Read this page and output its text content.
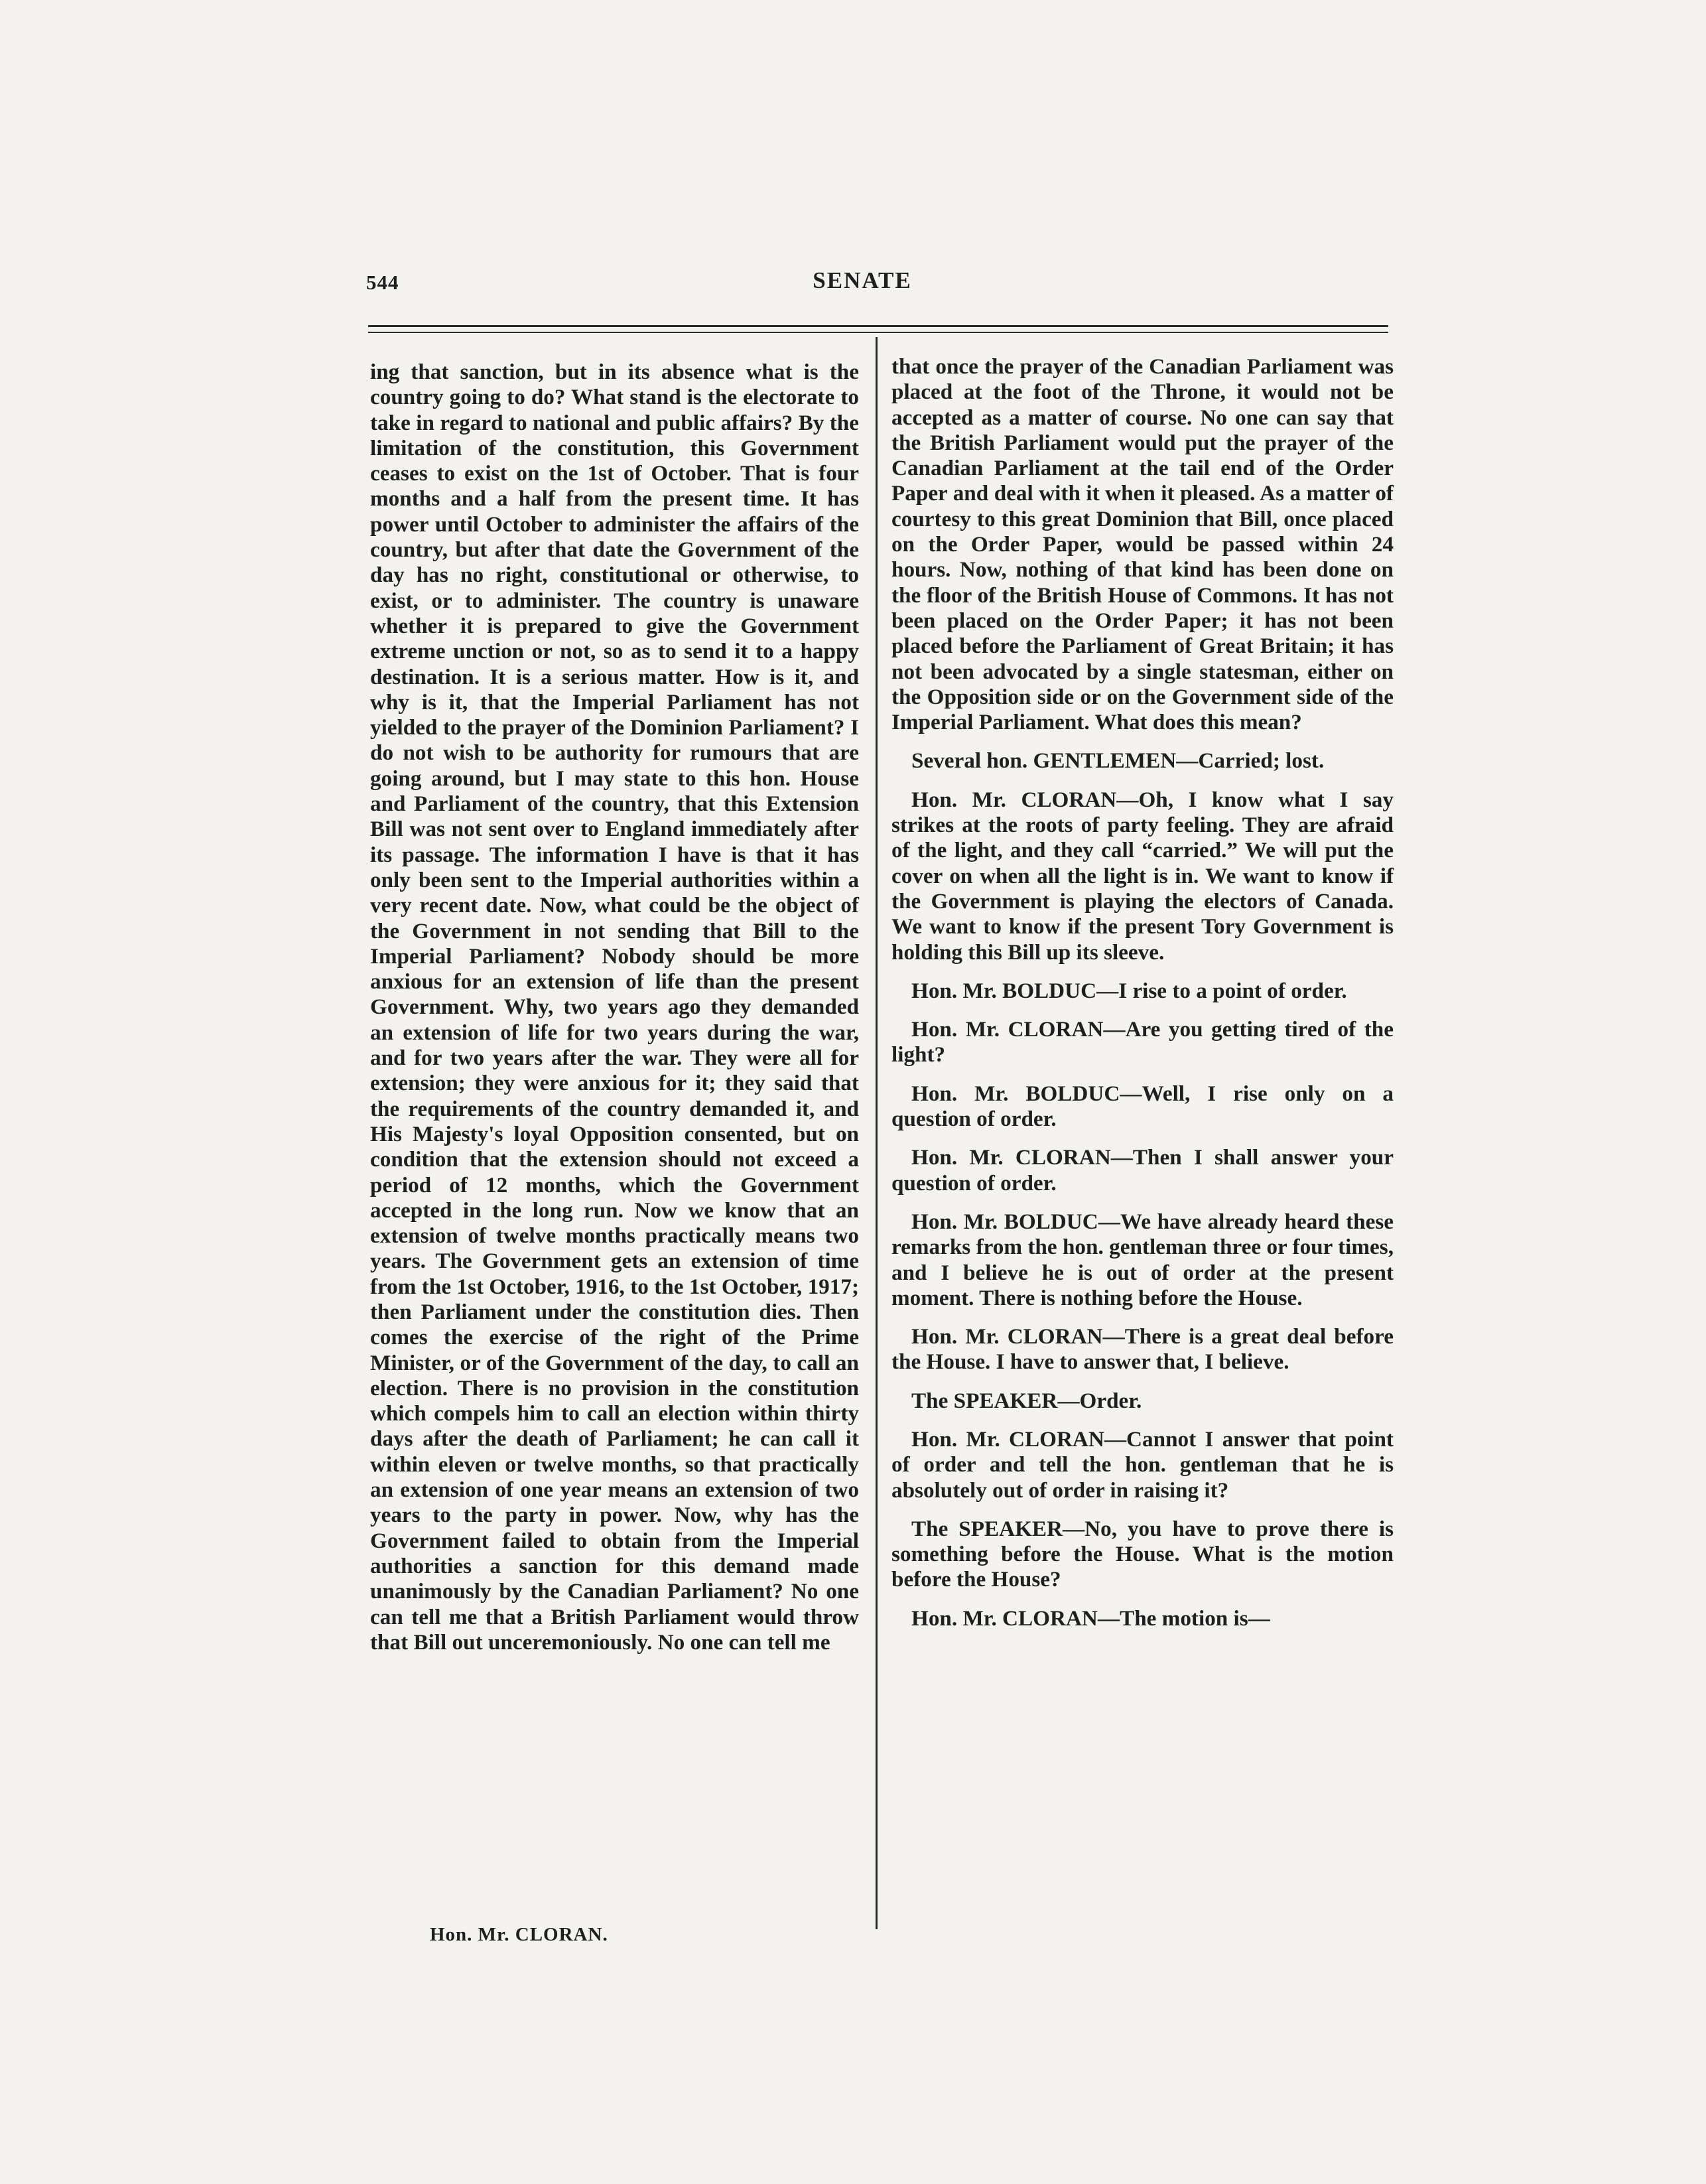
544	SENATE

ing that sanction, but in its absence what is the country going to do? What stand is the electorate to take in regard to national and public affairs? By the limitation of the constitution, this Government ceases to exist on the 1st of October. That is four months and a half from the present time. It has power until October to administer the affairs of the country, but after that date the Government of the day has no right, constitutional or otherwise, to exist, or to administer. The country is unaware whether it is prepared to give the Government extreme unction or not, so as to send it to a happy destination. It is a serious matter. How is it, and why is it, that the Imperial Parliament has not yielded to the prayer of the Dominion Parliament? I do not wish to be authority for rumours that are going around, but I may state to this hon. House and Parliament of the country, that this Extension Bill was not sent over to England immediately after its passage. The information I have is that it has only been sent to the Imperial authorities within a very recent date. Now, what could be the object of the Government in not sending that Bill to the Imperial Parliament? Nobody should be more anxious for an extension of life than the present Government. Why, two years ago they demanded an extension of life for two years during the war, and for two years after the war. They were all for extension; they were anxious for it; they said that the requirements of the country demanded it, and His Majesty's loyal Opposition consented, but on condition that the extension should not exceed a period of 12 months, which the Government accepted in the long run. Now we know that an extension of twelve months practically means two years. The Government gets an extension of time from the 1st October, 1916, to the 1st October, 1917; then Parliament under the constitution dies. Then comes the exercise of the right of the Prime Minister, or of the Government of the day, to call an election. There is no provision in the constitution which compels him to call an election within thirty days after the death of Parliament; he can call it within eleven or twelve months, so that practically an extension of one year means an extension of two years to the party in power. Now, why has the Government failed to obtain from the Imperial authorities a sanction for this demand made unanimously by the Canadian Parliament? No one can tell me that a British Parliament would throw that Bill out unceremoniously. No one can tell me

that once the prayer of the Canadian Parliament was placed at the foot of the Throne, it would not be accepted as a matter of course. No one can say that the British Parliament would put the prayer of the Canadian Parliament at the tail end of the Order Paper and deal with it when it pleased. As a matter of courtesy to this great Dominion that Bill, once placed on the Order Paper, would be passed within 24 hours. Now, nothing of that kind has been done on the floor of the British House of Commons. It has not been placed on the Order Paper; it has not been placed before the Parliament of Great Britain; it has not been advocated by a single statesman, either on the Opposition side or on the Government side of the Imperial Parliament. What does this mean?

Several hon. GENTLEMEN—Carried; lost.

Hon. Mr. CLORAN—Oh, I know what I say strikes at the roots of party feeling. They are afraid of the light, and they call “carried.” We will put the cover on when all the light is in. We want to know if the Government is playing the electors of Canada. We want to know if the present Tory Government is holding this Bill up its sleeve.

Hon. Mr. BOLDUC—I rise to a point of order.

Hon. Mr. CLORAN—Are you getting tired of the light?

Hon. Mr. BOLDUC—Well, I rise only on a question of order.

Hon. Mr. CLORAN—Then I shall answer your question of order.

Hon. Mr. BOLDUC—We have already heard these remarks from the hon. gentleman three or four times, and I believe he is out of order at the present moment. There is nothing before the House.

Hon. Mr. CLORAN—There is a great deal before the House. I have to answer that, I believe.

The SPEAKER—Order.

Hon. Mr. CLORAN—Cannot I answer that point of order and tell the hon. gentleman that he is absolutely out of order in raising it?

The SPEAKER—No, you have to prove there is something before the House. What is the motion before the House?

Hon. Mr. CLORAN—The motion is—

Hon. Mr. CLORAN.
